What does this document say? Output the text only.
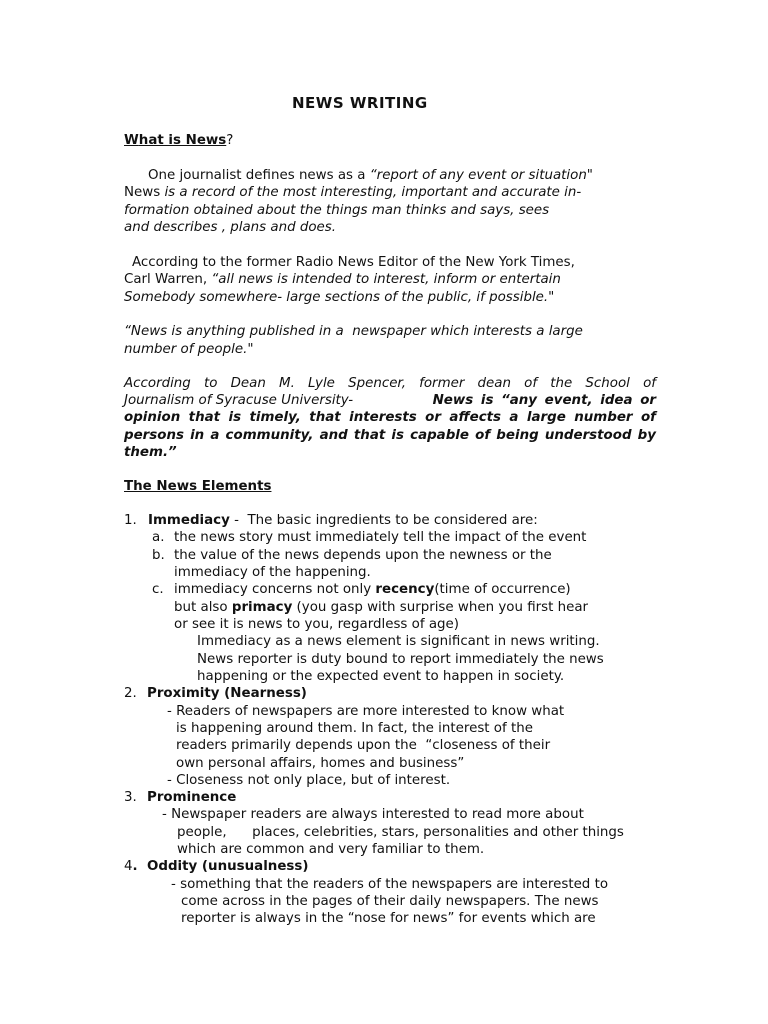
NEWS WRITING
What is News?
One journalist defines news as a “report of any event or situation"
News is a record of the most interesting, important and accurate in-
formation obtained about the things man thinks and says, sees
and describes , plans and does.
According to the former Radio News Editor of the New York Times,
Carl Warren, “all news is intended to interest, inform or entertain
Somebody somewhere- large sections of the public, if possible."
“News is anything published in a  newspaper which interests a large
number of people."
According to Dean M. Lyle Spencer, former dean of the School of
Journalism of Syracuse University-	News is “any event, idea or
opinion that is timely, that interests or affects a large number of
persons in a community, and that is capable of being understood by
them.”
The News Elements
1. Immediacy -  The basic ingredients to be considered are:
a. the news story must immediately tell the impact of the event
b. the value of the news depends upon the newness or the
immediacy of the happening.
c. immediacy concerns not only recency(time of occurrence)
but also primacy (you gasp with surprise when you first hear
or see it is news to you, regardless of age)
Immediacy as a news element is significant in news writing.
News reporter is duty bound to report immediately the news
happening or the expected event to happen in society.
2. Proximity (Nearness)
- Readers of newspapers are more interested to know what
is happening around them. In fact, the interest of the
readers primarily depends upon the  “closeness of their
own personal affairs, homes and business”
- Closeness not only place, but of interest.
3. Prominence
- Newspaper readers are always interested to read more about
people,      places, celebrities, stars, personalities and other things
which are common and very familiar to them.
4. Oddity (unusualness)
- something that the readers of the newspapers are interested to
come across in the pages of their daily newspapers. The news
reporter is always in the “nose for news” for events which are
